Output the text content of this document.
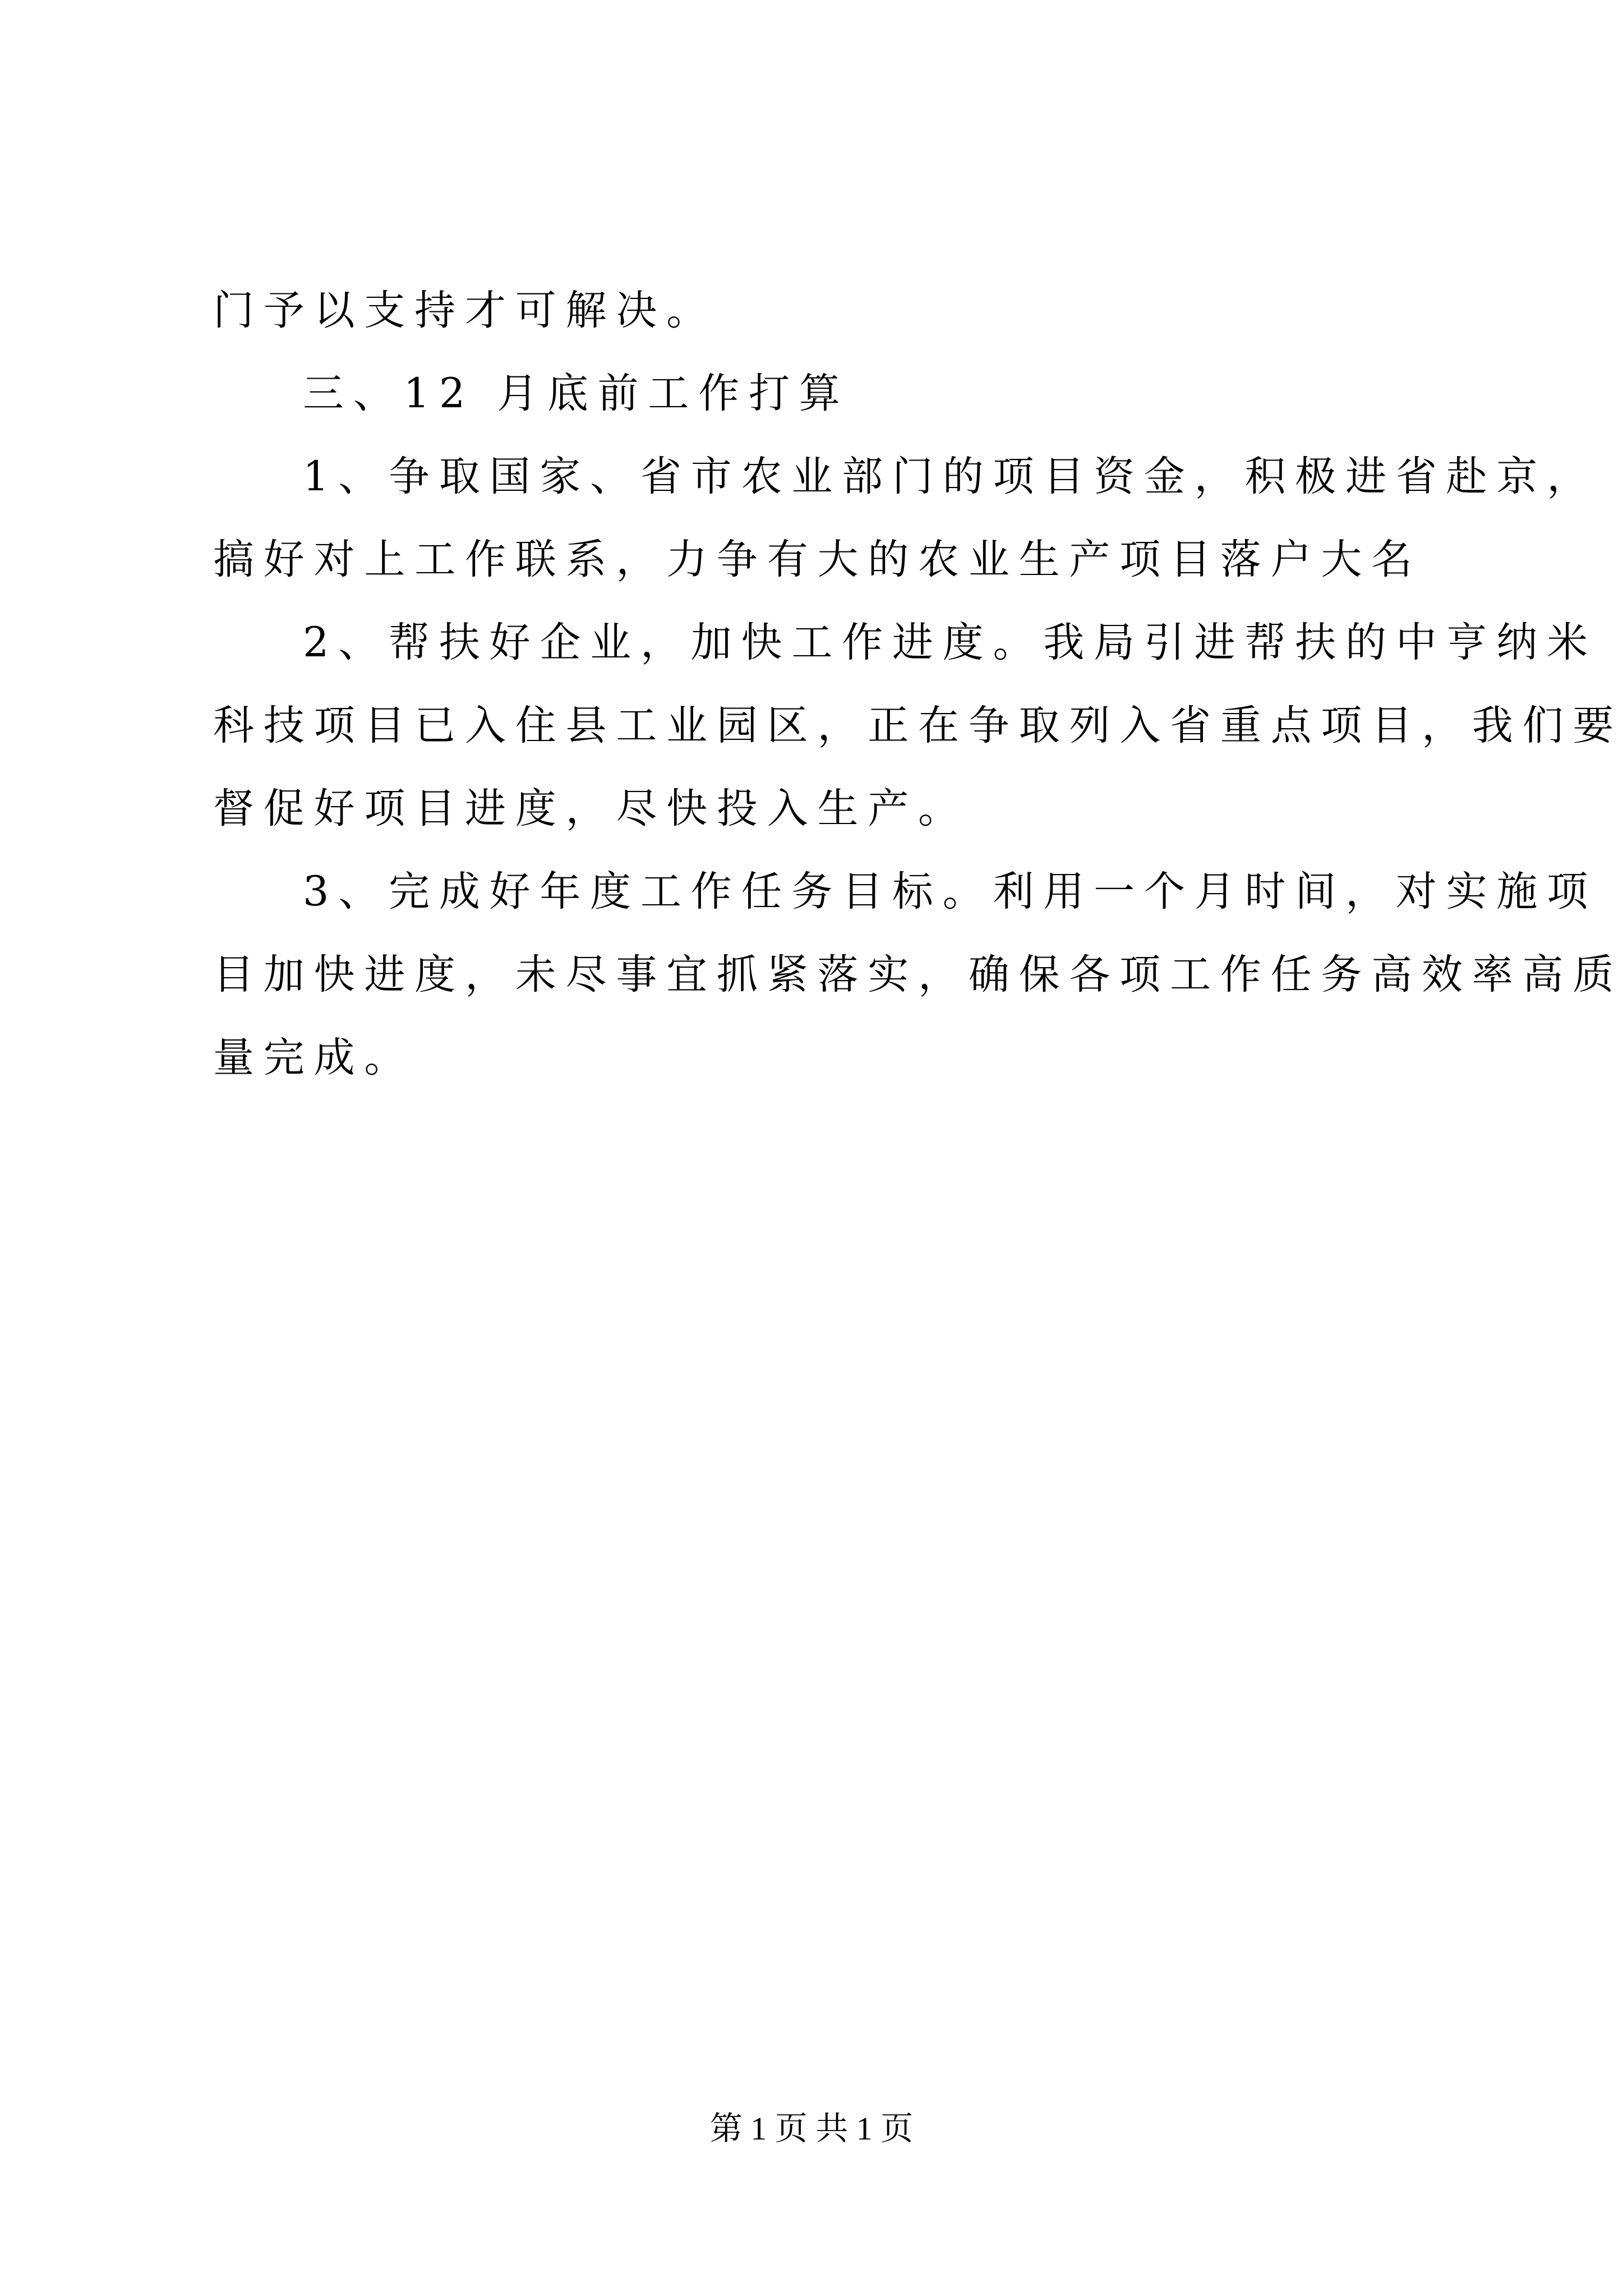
门予以支持才可解决。

三、12 月底前工作打算

1、争取国家、省市农业部门的项目资金，积极进省赴京，

搞好对上工作联系，力争有大的农业生产项目落户大名

2、帮扶好企业，加快工作进度。我局引进帮扶的中亨纳米

科技项目已入住县工业园区，正在争取列入省重点项目，我们要

督促好项目进度，尽快投入生产。

3、完成好年度工作任务目标。利用一个月时间，对实施项

目加快进度，未尽事宜抓紧落实，确保各项工作任务高效率高质

量完成。

第 1 页 共 1 页
